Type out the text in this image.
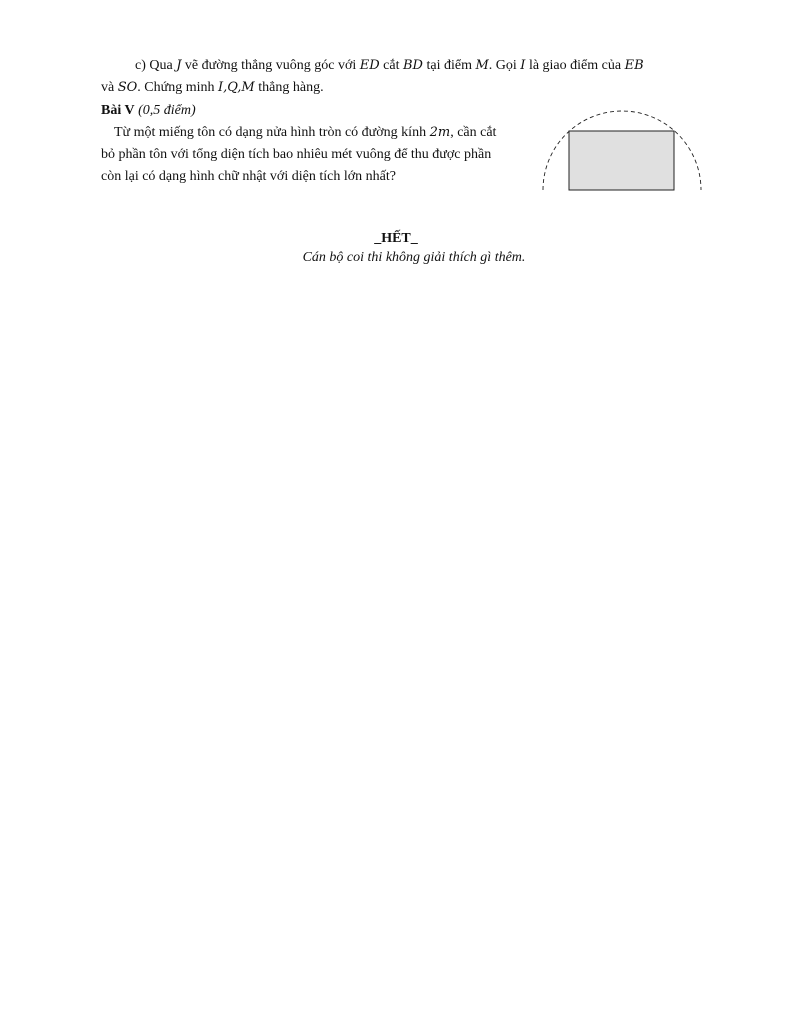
c) Qua J vẽ đường thẳng vuông góc với ED cắt BD tại điểm M. Gọi I là giao điểm của EB
và SO. Chứng minh I,Q,M thẳng hàng.
Bài V (0,5 điểm)
Từ một miếng tôn có dạng nửa hình tròn có đường kính 2m, cần cắt
bỏ phần tôn với tổng diện tích bao nhiêu mét vuông để thu được phần
còn lại có dạng hình chữ nhật với diện tích lớn nhất?
_HẾT_
Cán bộ coi thi không giải thích gì thêm.
